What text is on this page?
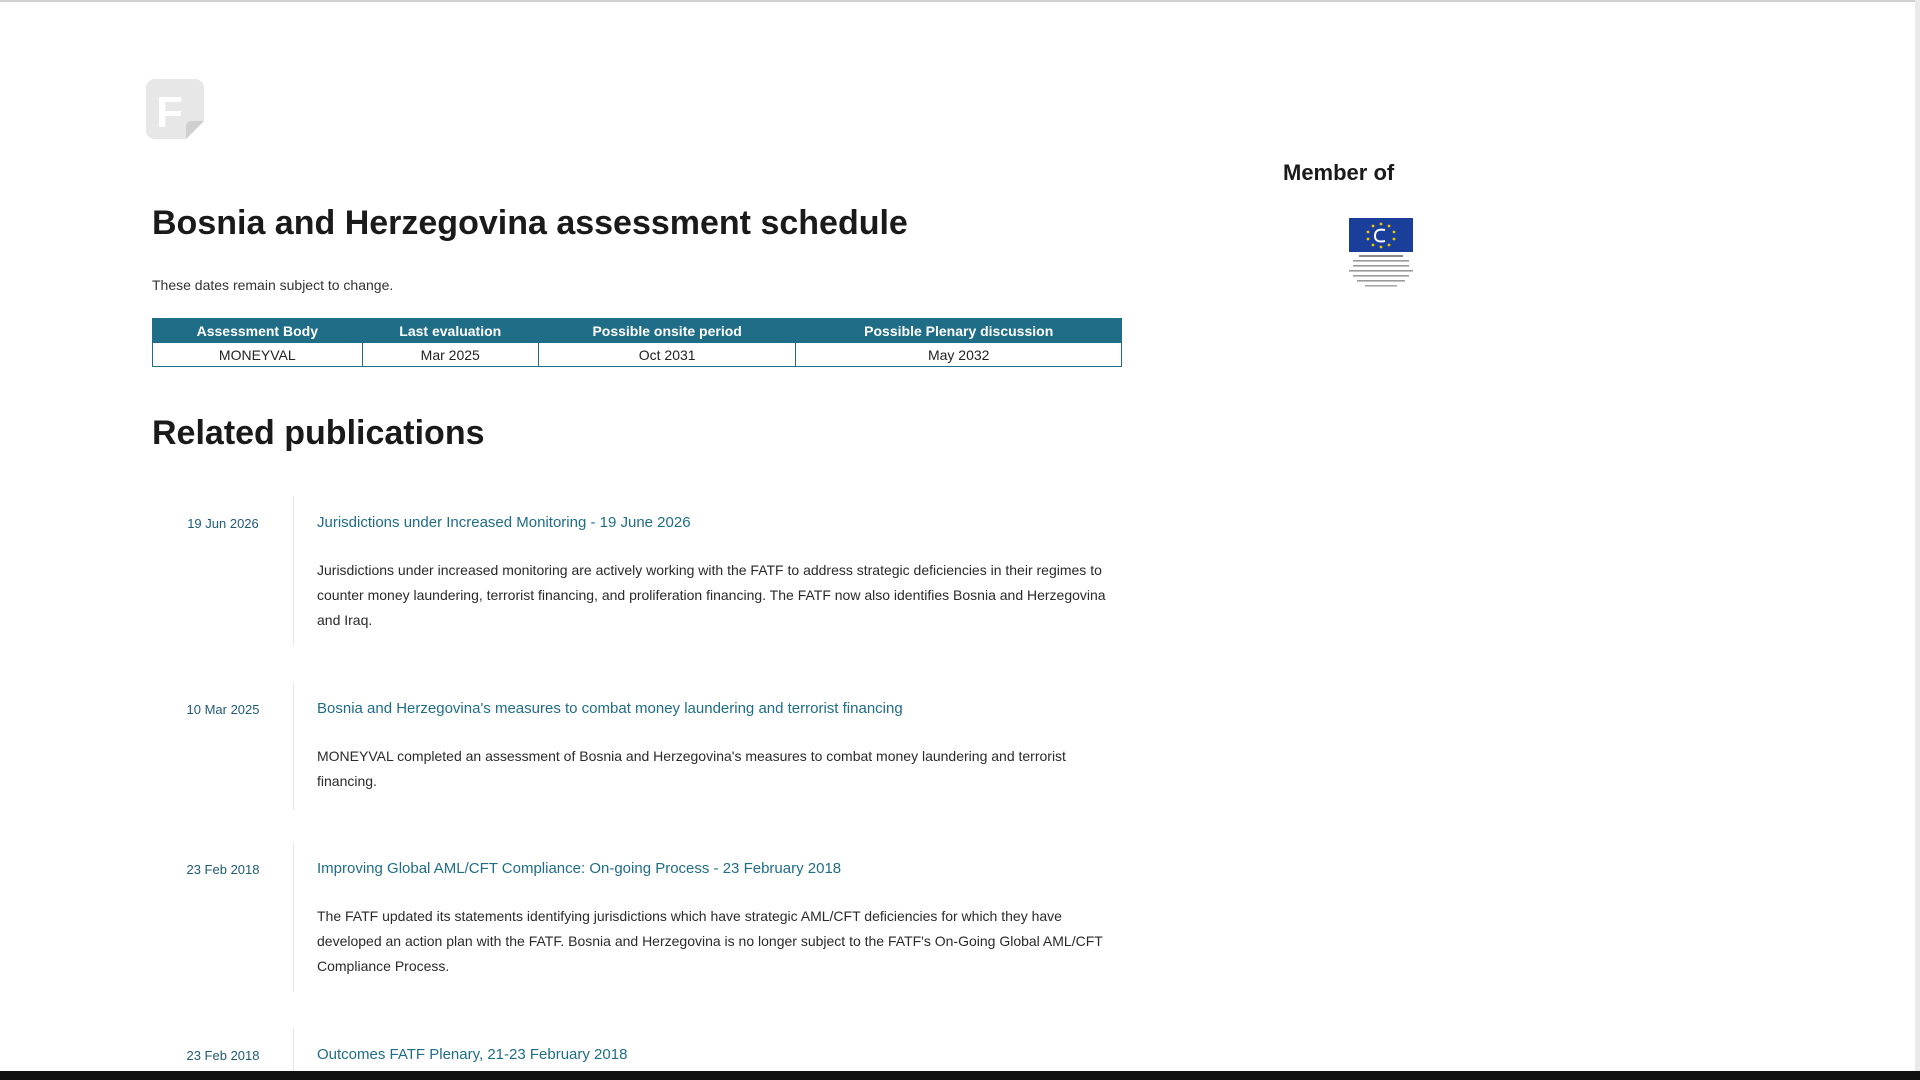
F
Bosnia and Herzegovina assessment schedule

These dates remain subject to change.

Assessment Body	Last evaluation	Possible onsite period	Possible Plenary discussion
MONEYVAL	Mar 2025	Oct 2031	May 2032
Related publications
19 Jun 2026	Jurisdictions under Increased Monitoring - 19 June 2026

Jurisdictions under increased monitoring are actively working with the FATF to address strategic deficiencies in their regimes to counter money laundering, terrorist financing, and proliferation financing. The FATF now also identifies Bosnia and Herzegovina and Iraq.

10 Mar 2025	Bosnia and Herzegovina's measures to combat money laundering and terrorist financing

MONEYVAL completed an assessment of Bosnia and Herzegovina's measures to combat money laundering and terrorist financing.

23 Feb 2018	Improving Global AML/CFT Compliance: On-going Process - 23 February 2018

The FATF updated its statements identifying jurisdictions which have strategic AML/CFT deficiencies for which they have developed an action plan with the FATF. Bosnia and Herzegovina is no longer subject to the FATF's On-Going Global AML/CFT Compliance Process.

23 Feb 2018	Outcomes FATF Plenary, 21-23 February 2018
Member of
